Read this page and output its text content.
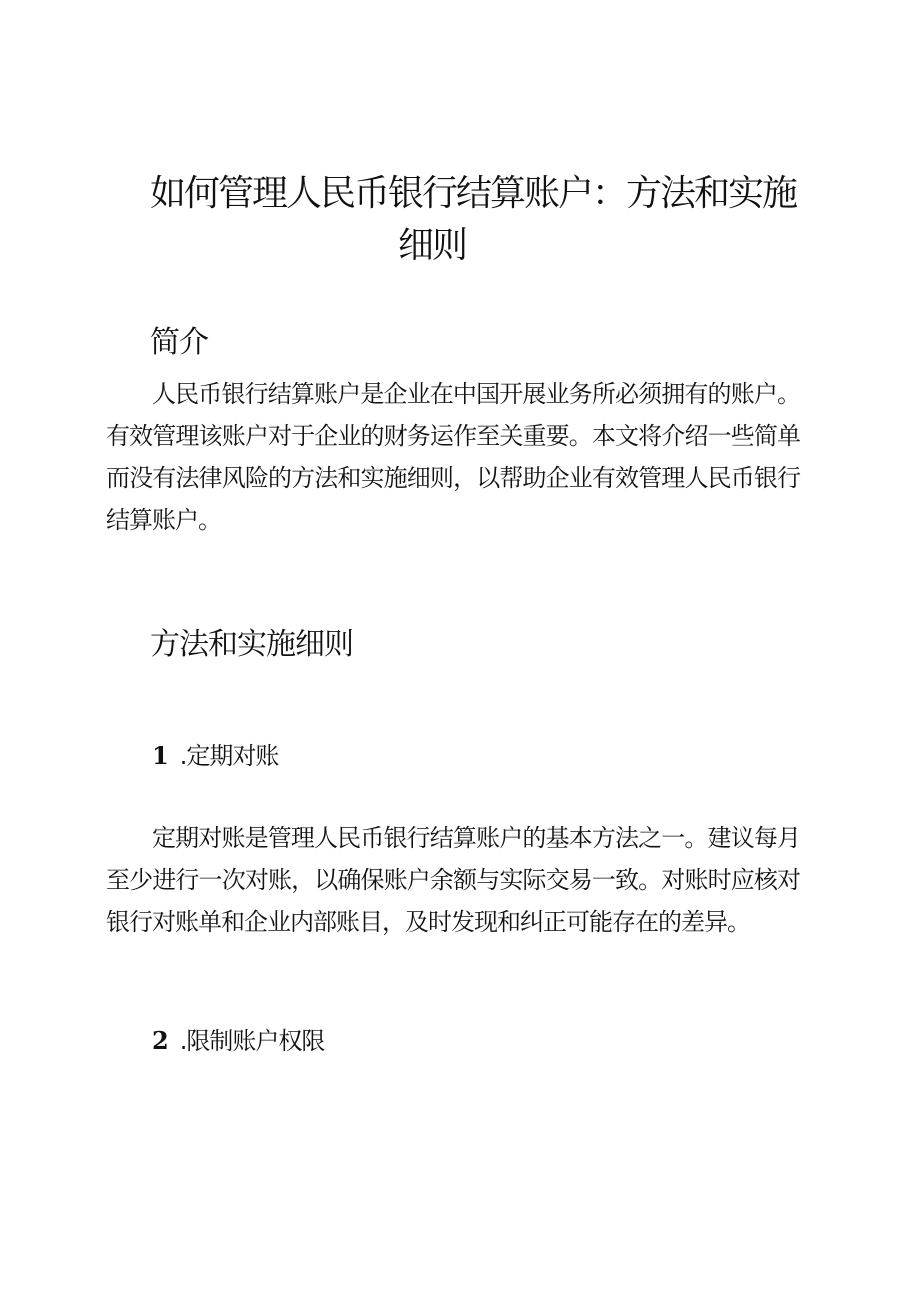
如何管理人民币银行结算账户：方法和实施
细则
简介

人民币银行结算账户是企业在中国开展业务所必须拥有的账户。有效管理该账户对于企业的财务运作至关重要。本文将介绍一些简单而没有法律风险的方法和实施细则，以帮助企业有效管理人民币银行结算账户。

方法和实施细则
1 .定期对账

定期对账是管理人民币银行结算账户的基本方法之一。建议每月至少进行一次对账，以确保账户余额与实际交易一致。对账时应核对银行对账单和企业内部账目，及时发现和纠正可能存在的差异。

2 .限制账户权限
